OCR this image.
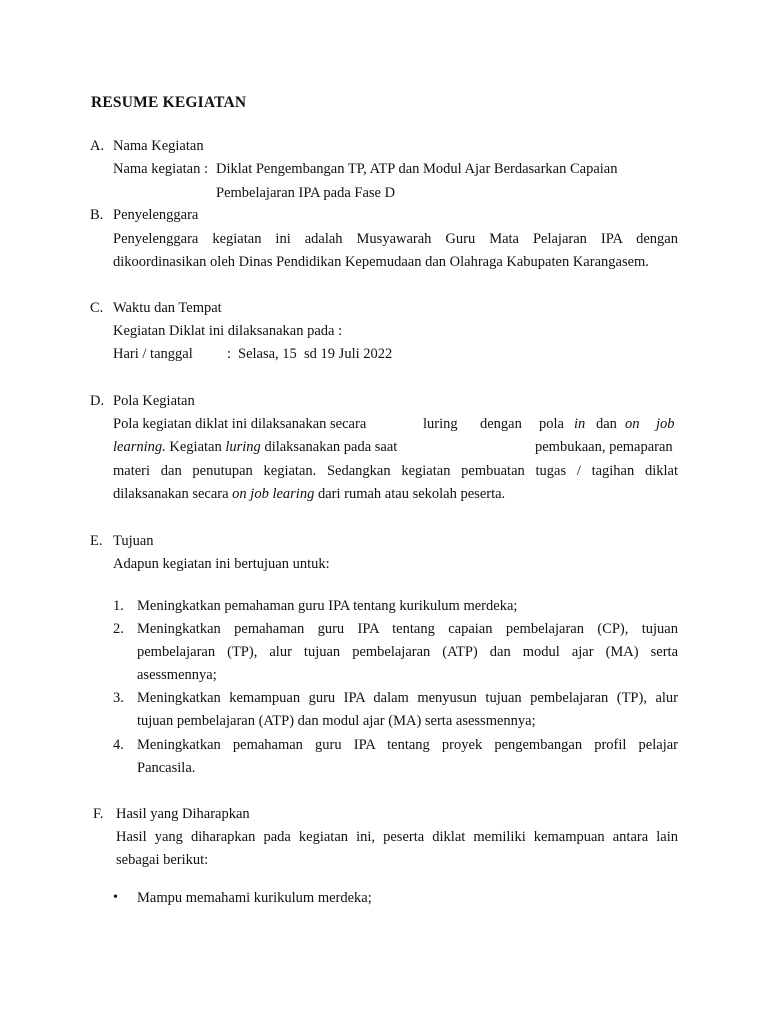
RESUME KEGIATAN
A. Nama Kegiatan
Nama kegiatan : Diklat Pengembangan TP, ATP dan Modul Ajar Berdasarkan Capaian
Pembelajaran IPA pada Fase D
B. Penyelenggara
Penyelenggara kegiatan ini adalah Musyawarah Guru Mata Pelajaran IPA dengan
dikoordinasikan oleh Dinas Pendidikan Kepemudaan dan Olahraga Kabupaten Karangasem.
C. Waktu dan Tempat
Kegiatan Diklat ini dilaksanakan pada :
Hari / tanggal : Selasa, 15  sd 19 Juli 2022
D. Pola Kegiatan
Pola kegiatan diklat ini dilaksanakan secara	luring dengan pola in dan on job
learning. Kegiatan luring dilaksanakan pada saat	pembukaan, pemaparan
materi dan penutupan kegiatan. Sedangkan kegiatan pembuatan tugas / tagihan diklat
dilaksanakan secara on job learing dari rumah atau sekolah peserta.
E. Tujuan
Adapun kegiatan ini bertujuan untuk:
1. Meningkatkan pemahaman guru IPA tentang kurikulum merdeka;
2. Meningkatkan pemahaman guru IPA tentang capaian pembelajaran (CP), tujuan
pembelajaran (TP), alur tujuan pembelajaran (ATP) dan modul ajar (MA) serta
asessmennya;
3. Meningkatkan kemampuan guru IPA dalam menyusun tujuan pembelajaran (TP), alur
tujuan pembelajaran (ATP) dan modul ajar (MA) serta asessmennya;
4. Meningkatkan pemahaman guru IPA tentang proyek pengembangan profil pelajar
Pancasila.
F. Hasil yang Diharapkan
Hasil yang diharapkan pada kegiatan ini, peserta diklat memiliki kemampuan antara lain
sebagai berikut:
• Mampu memahami kurikulum merdeka;
